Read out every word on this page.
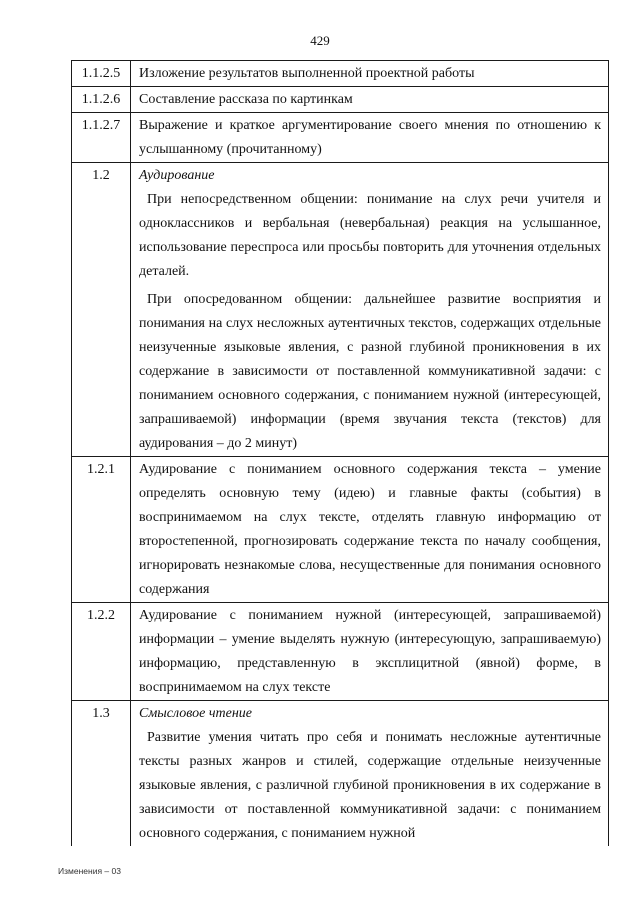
429
1.1.2.5	Изложение результатов выполненной проектной работы

1.1.2.6	Составление рассказа по картинкам

1.1.2.7	Выражение и краткое аргументирование своего мнения по отношению к услышанному (прочитанному)

1.2	Аудирование
При непосредственном общении: понимание на слух речи учителя и одноклассников и вербальная (невербальная) реакция на услышанное, использование переспроса или просьбы повторить для уточнения отдельных деталей.
При опосредованном общении: дальнейшее развитие восприятия и понимания на слух несложных аутентичных текстов, содержащих отдельные неизученные языковые явления, с разной глубиной проникновения в их содержание в зависимости от поставленной коммуникативной задачи: с пониманием основного содержания, с пониманием нужной (интересующей, запрашиваемой) информации (время звучания текста (текстов) для аудирования – до 2 минут)

1.2.1	Аудирование с пониманием основного содержания текста – умение определять основную тему (идею) и главные факты (события) в воспринимаемом на слух тексте, отделять главную информацию от второстепенной, прогнозировать содержание текста по началу сообщения, игнорировать незнакомые слова, несущественные для понимания основного содержания

1.2.2	Аудирование с пониманием нужной (интересующей, запрашиваемой) информации – умение выделять нужную (интересующую, запрашиваемую) информацию, представленную в эксплицитной (явной) форме, в воспринимаемом на слух тексте

1.3	Смысловое чтение
Развитие умения читать про себя и понимать несложные аутентичные тексты разных жанров и стилей, содержащие отдельные неизученные языковые явления, с различной глубиной проникновения в их содержание в зависимости от поставленной коммуникативной задачи: с пониманием основного содержания, с пониманием нужной
Изменения – 03
